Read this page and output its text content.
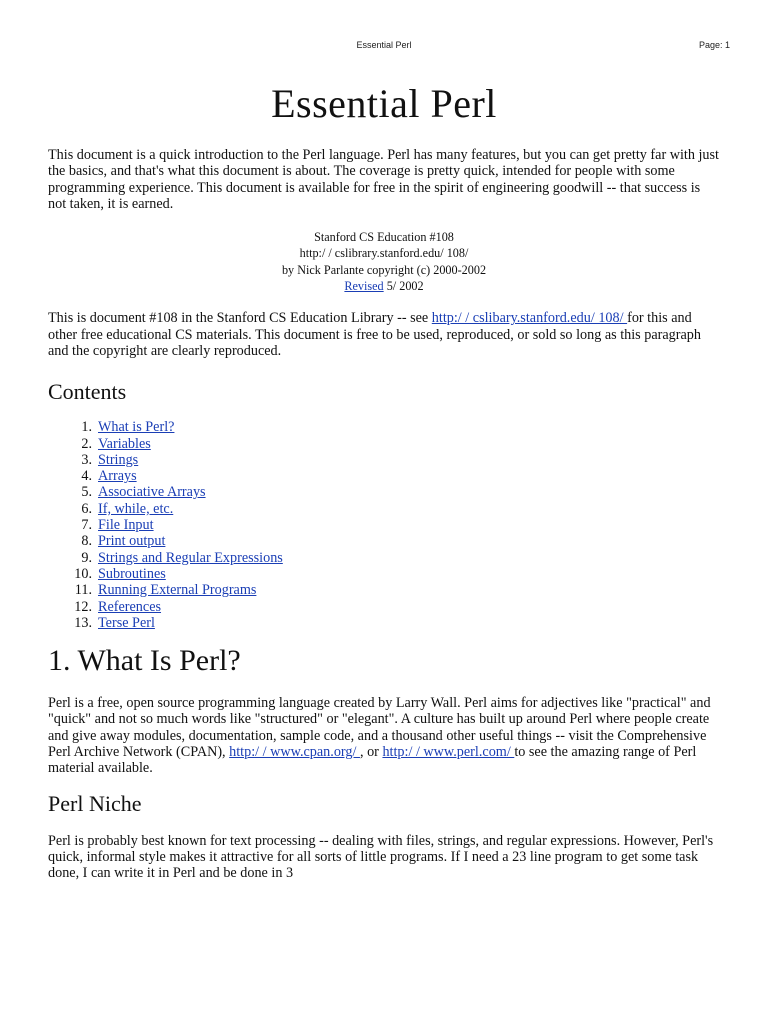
Essential Perl	Page: 1
Essential Perl

This document is a quick introduction to the Perl language. Perl has many features, but you can get pretty far with just the basics, and that's what this document is about. The coverage is pretty quick, intended for people with some programming experience. This document is available for free in the spirit of engineering goodwill -- that success is not taken, it is earned.

Stanford CS Education #108
http:/ / cslibrary.stanford.edu/ 108/
by Nick Parlante copyright (c) 2000-2002
Revised 5/ 2002

This is document #108 in the Stanford CS Education Library -- see http:/ / cslibary.stanford.edu/ 108/ for this and other free educational CS materials. This document is free to be used, reproduced, or sold so long as this paragraph and the copyright are clearly reproduced.

Contents
1. What is Perl?
2. Variables
3. Strings
4. Arrays
5. Associative Arrays
6. If, while, etc.
7. File Input
8. Print output
9. Strings and Regular Expressions
10. Subroutines
11. Running External Programs
12. References
13. Terse Perl
1. What Is Perl?

Perl is a free, open source programming language created by Larry Wall. Perl aims for adjectives like "practical" and "quick" and not so much words like "structured" or "elegant". A culture has built up around Perl where people create and give away modules, documentation, sample code, and a thousand other useful things -- visit the Comprehensive Perl Archive Network (CPAN), http:/ / www.cpan.org/ , or http:/ / www.perl.com/ to see the amazing range of Perl material available.

Perl Niche

Perl is probably best known for text processing -- dealing with files, strings, and regular expressions. However, Perl's quick, informal style makes it attractive for all sorts of little programs. If I need a 23 line program to get some task done, I can write it in Perl and be done in 3
